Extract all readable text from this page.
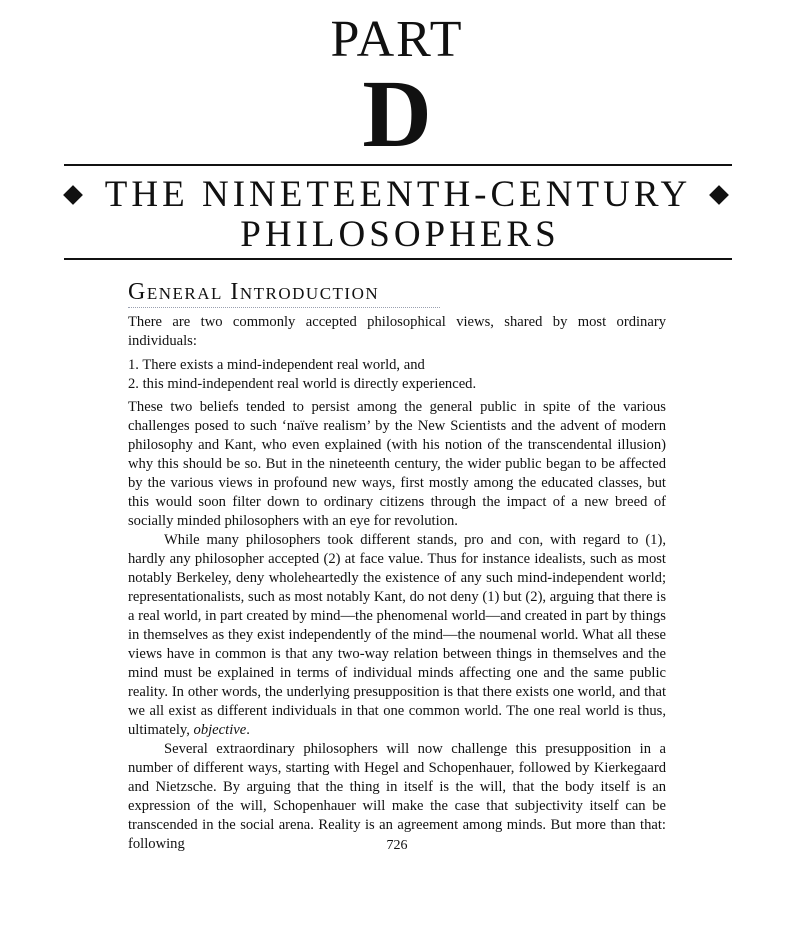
PART
D
THE NINETEENTH-CENTURY
PHILOSOPHERS
General Introduction

There are two commonly accepted philosophical views, shared by most ordinary individuals:

1. There exists a mind-independent real world, and
2. this mind-independent real world is directly experienced.

These two beliefs tended to persist among the general public in spite of the various challenges posed to such ‘naïve realism’ by the New Scientists and the advent of modern philosophy and Kant, who even explained (with his notion of the transcendental illusion) why this should be so. But in the nineteenth century, the wider public began to be affected by the various views in profound new ways, first mostly among the educated classes, but this would soon filter down to ordinary citizens through the impact of a new breed of socially minded philosophers with an eye for revolution.

While many philosophers took different stands, pro and con, with regard to (1), hardly any philosopher accepted (2) at face value. Thus for instance idealists, such as most notably Berkeley, deny wholeheartedly the existence of any such mind-independent world; representationalists, such as most notably Kant, do not deny (1) but (2), arguing that there is a real world, in part created by mind—the phenomenal world—and created in part by things in themselves as they exist independently of the mind—the noumenal world. What all these views have in common is that any two-way relation between things in themselves and the mind must be explained in terms of individual minds affecting one and the same public reality. In other words, the underlying presupposition is that there exists one world, and that we all exist as different individuals in that one common world. The one real world is thus, ultimately, objective.

Several extraordinary philosophers will now challenge this presupposition in a number of different ways, starting with Hegel and Schopenhauer, followed by Kierkegaard and Nietzsche. By arguing that the thing in itself is the will, that the body itself is an expression of the will, Schopenhauer will make the case that subjectivity itself can be transcended in the social arena. Reality is an agreement among minds. But more than that: following	726
